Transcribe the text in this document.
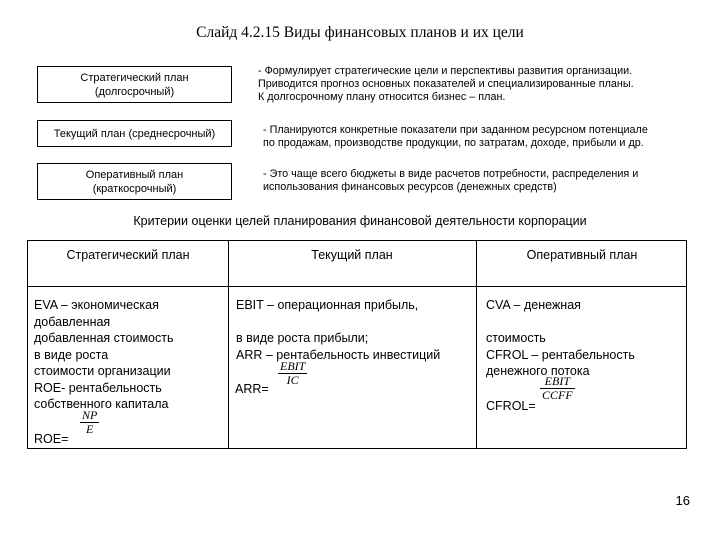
Слайд 4.2.15 Виды финансовых планов и их цели
Стратегический план
(долгосрочный)
Текущий план (среднесрочный)
Оперативный план
(краткосрочный)
- Формулирует стратегические цели и перспективы развития организации.
Приводится прогноз основных показателей и специализированные планы.
К долгосрочному плану относится бизнес – план.
- Планируются конкретные показатели при заданном ресурсном потенциале
по продажам, производстве продукции, по затратам, доходе, прибыли и др.
- Это чаще всего бюджеты в виде расчетов потребности, распределения и
использования финансовых ресурсов (денежных средств)
Критерии оценки целей планирования финансовой деятельности корпорации
Стратегический план	Текущий план	Оперативный план
EVA – экономическая
добавленная
добавленная стоимость
в виде роста
стоимости организации
ROE- рентабельность
собственного капитала
$\frac{NP}{E}$
ROE=
EBIT – операционная прибыль,
в виде роста прибыли;
ARR – рентабельность инвестиций
EBIT
IC
ARR=
CVA – денежная
стоимость
CFROL – рентабельность
денежного потока
EBIT
CCFF
CFROL=
16
